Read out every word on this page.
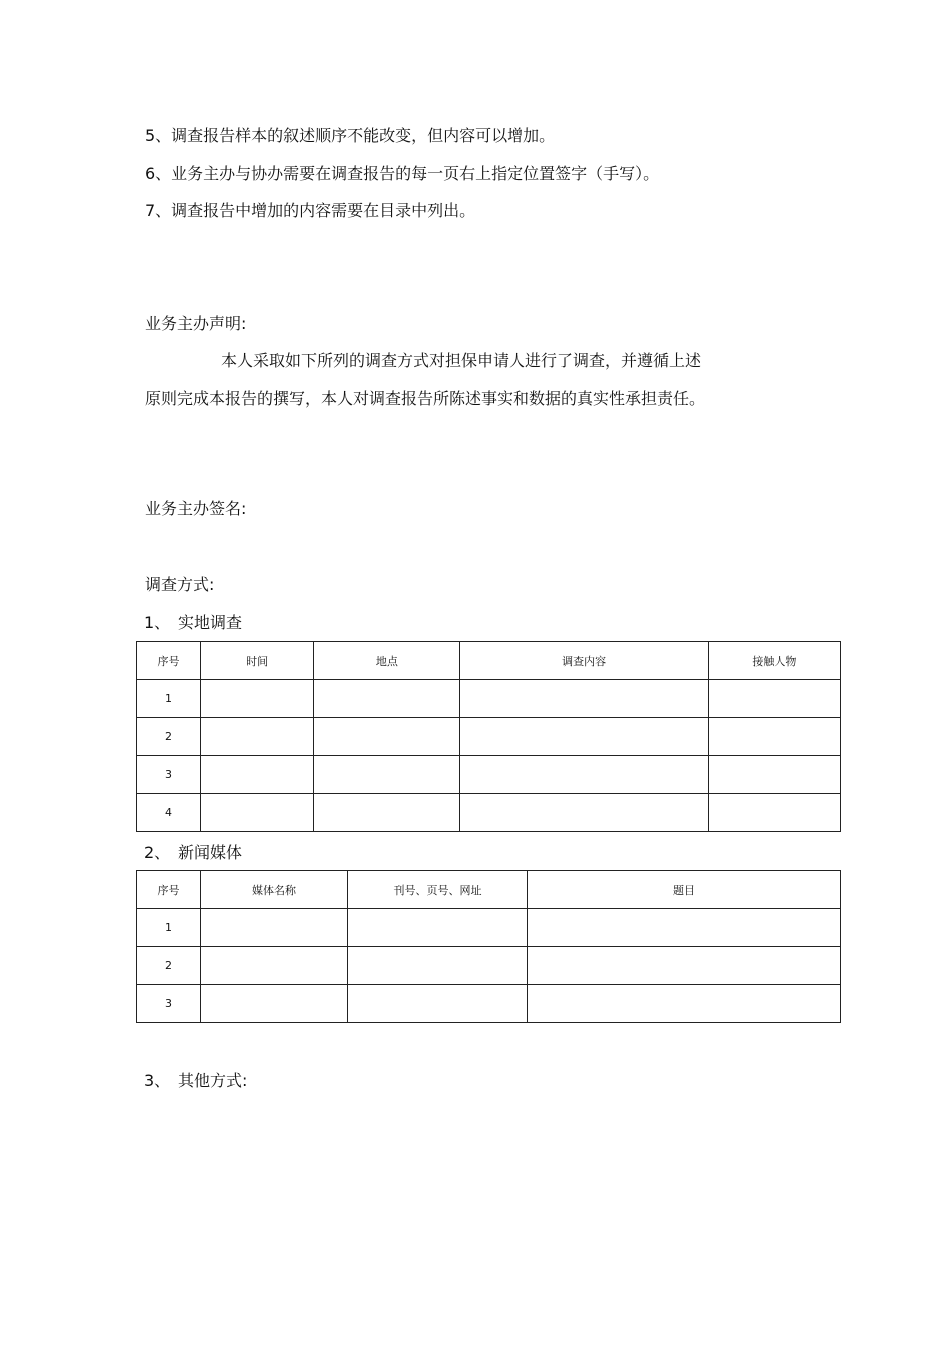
5、调查报告样本的叙述顺序不能改变，但内容可以增加。
6、业务主办与协办需要在调查报告的每一页右上指定位置签字（手写）。
7、调查报告中增加的内容需要在目录中列出。
业务主办声明:
本人采取如下所列的调查方式对担保申请人进行了调查，并遵循上述
原则完成本报告的撰写，本人对调查报告所陈述事实和数据的真实性承担责任。
业务主办签名:
调查方式:
1、 实地调查
序号	时间	地点	调查内容	接触人物
1				
2				
3				
4				
2、 新闻媒体
序号	媒体名称	刊号、页号、网址	题目
1			
2			
3			
3、 其他方式:
